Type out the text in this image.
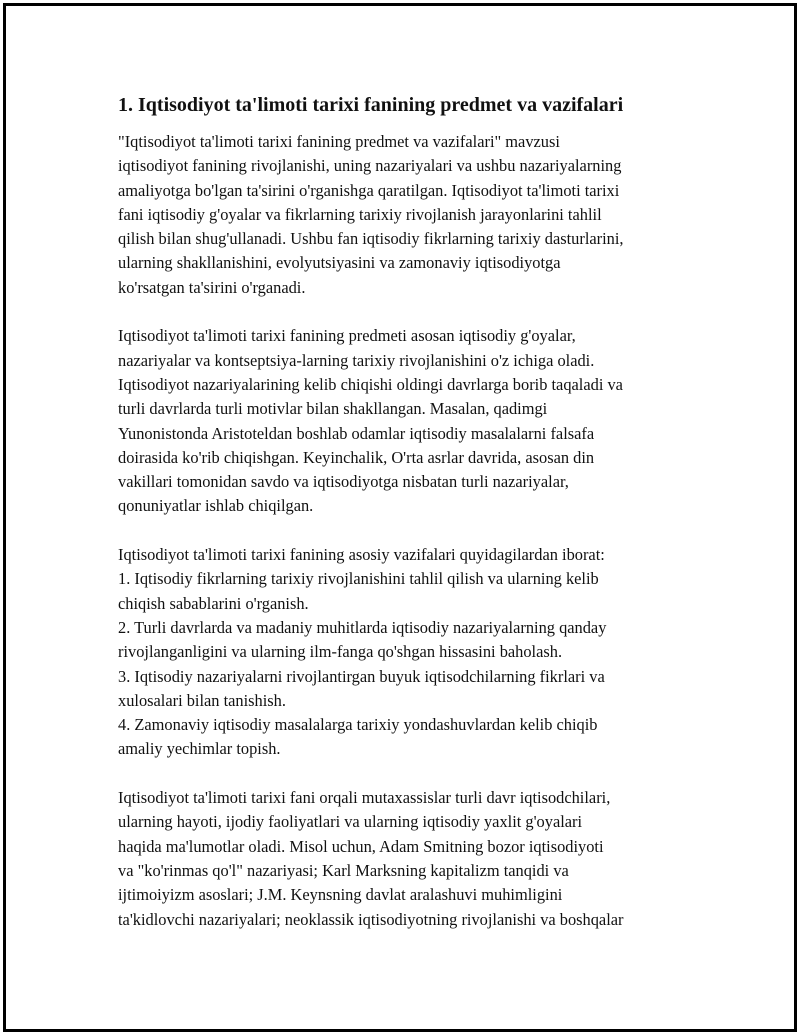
1. Iqtisodiyot ta'limoti tarixi fanining predmet va vazifalari
"Iqtisodiyot ta'limoti tarixi fanining predmet va vazifalari" mavzusi
iqtisodiyot fanining rivojlanishi, uning nazariyalari va ushbu nazariyalarning
amaliyotga bo'lgan ta'sirini o'rganishga qaratilgan. Iqtisodiyot ta'limoti tarixi
fani iqtisodiy g'oyalar va fikrlarning tarixiy rivojlanish jarayonlarini tahlil
qilish bilan shug'ullanadi. Ushbu fan iqtisodiy fikrlarning tarixiy dasturlarini,
ularning shakllanishini, evolyutsiyasini va zamonaviy iqtisodiyotga
ko'rsatgan ta'sirini o'rganadi.
Iqtisodiyot ta'limoti tarixi fanining predmeti asosan iqtisodiy g'oyalar,
nazariyalar va kontseptsiya-larning tarixiy rivojlanishini o'z ichiga oladi.
Iqtisodiyot nazariyalarining kelib chiqishi oldingi davrlarga borib taqaladi va
turli davrlarda turli motivlar bilan shakllangan. Masalan, qadimgi
Yunonistonda Aristoteldan boshlab odamlar iqtisodiy masalalarni falsafa
doirasida ko'rib chiqishgan. Keyinchalik, O'rta asrlar davrida, asosan din
vakillari tomonidan savdo va iqtisodiyotga nisbatan turli nazariyalar,
qonuniyatlar ishlab chiqilgan.
Iqtisodiyot ta'limoti tarixi fanining asosiy vazifalari quyidagilardan iborat:
1. Iqtisodiy fikrlarning tarixiy rivojlanishini tahlil qilish va ularning kelib
chiqish sabablarini o'rganish.
2. Turli davrlarda va madaniy muhitlarda iqtisodiy nazariyalarning qanday
rivojlanganligini va ularning ilm-fanga qo'shgan hissasini baholash.
3. Iqtisodiy nazariyalarni rivojlantirgan buyuk iqtisodchilarning fikrlari va
xulosalari bilan tanishish.
4. Zamonaviy iqtisodiy masalalarga tarixiy yondashuvlardan kelib chiqib
amaliy yechimlar topish.
Iqtisodiyot ta'limoti tarixi fani orqali mutaxassislar turli davr iqtisodchilari,
ularning hayoti, ijodiy faoliyatlari va ularning iqtisodiy yaxlit g'oyalari
haqida ma'lumotlar oladi. Misol uchun, Adam Smitning bozor iqtisodiyoti
va "ko'rinmas qo'l" nazariyasi; Karl Marksning kapitalizm tanqidi va
ijtimoiyizm asoslari; J.M. Keynsning davlat aralashuvi muhimligini
ta'kidlovchi nazariyalari; neoklassik iqtisodiyotning rivojlanishi va boshqalar
